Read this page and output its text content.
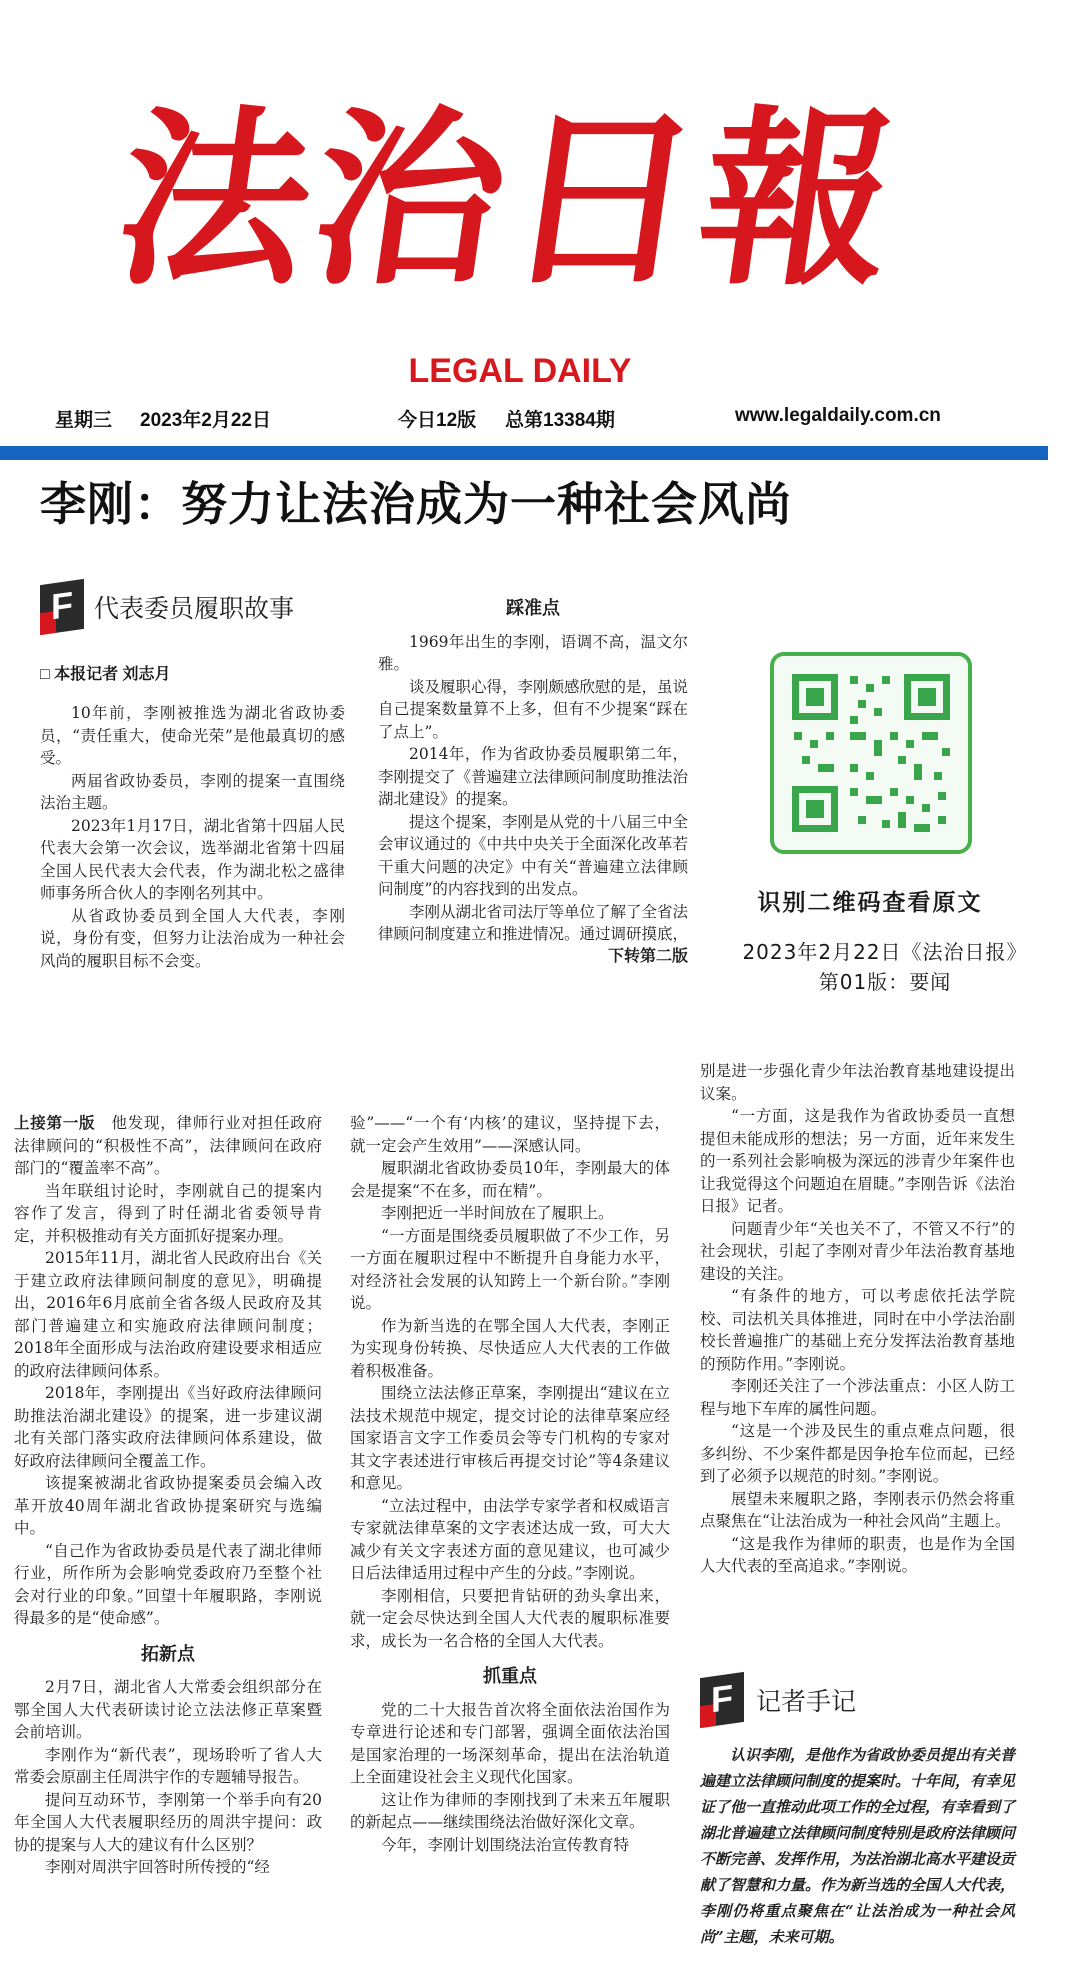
法治日報
LEGAL DAILY
星期三 2023年2月22日	今日12版 总第13384期	www.legaldaily.com.cn
李刚：努力让法治成为一种社会风尚
F 代表委员履职故事
□ 本报记者 刘志月

10年前，李刚被推选为湖北省政协委员，“责任重大，使命光荣”是他最真切的感受。

两届省政协委员，李刚的提案一直围绕法治主题。

2023年1月17日，湖北省第十四届人民代表大会第一次会议，选举湖北省第十四届全国人民代表大会代表，作为湖北松之盛律师事务所合伙人的李刚名列其中。

从省政协委员到全国人大代表，李刚说，身份有变，但努力让法治成为一种社会风尚的履职目标不会变。

踩准点

1969年出生的李刚，语调不高，温文尔雅。

谈及履职心得，李刚颇感欣慰的是，虽说自己提案数量算不上多，但有不少提案“踩在了点上”。

2014年，作为省政协委员履职第二年，李刚提交了《普遍建立法律顾问制度助推法治湖北建设》的提案。

提这个提案，李刚是从党的十八届三中全会审议通过的《中共中央关于全面深化改革若干重大问题的决定》中有关“普遍建立法律顾问制度”的内容找到的出发点。

李刚从湖北省司法厅等单位了解了全省法律顾问制度建立和推进情况。通过调研摸底，

下转第二版
识别二维码查看原文
2023年2月22日《法治日报》
第01版：要闻

上接第一版  他发现，律师行业对担任政府法律顾问的“积极性不高”，法律顾问在政府部门的“覆盖率不高”。

当年联组讨论时，李刚就自己的提案内容作了发言，得到了时任湖北省委领导肯定，并积极推动有关方面抓好提案办理。

2015年11月，湖北省人民政府出台《关于建立政府法律顾问制度的意见》，明确提出，2016年6月底前全省各级人民政府及其部门普遍建立和实施政府法律顾问制度；2018年全面形成与法治政府建设要求相适应的政府法律顾问体系。

2018年，李刚提出《当好政府法律顾问助推法治湖北建设》的提案，进一步建议湖北有关部门落实政府法律顾问体系建设，做好政府法律顾问全覆盖工作。

该提案被湖北省政协提案委员会编入改革开放40周年湖北省政协提案研究与选编中。

“自己作为省政协委员是代表了湖北律师行业，所作所为会影响党委政府乃至整个社会对行业的印象。”回望十年履职路，李刚说得最多的是“使命感”。

拓新点

2月7日，湖北省人大常委会组织部分在鄂全国人大代表研读讨论立法法修正草案暨会前培训。

李刚作为“新代表”，现场聆听了省人大常委会原副主任周洪宇作的专题辅导报告。

提问互动环节，李刚第一个举手向有20年全国人大代表履职经历的周洪宇提问：政协的提案与人大的建议有什么区别？

李刚对周洪宇回答时所传授的“经

验”——“一个有‘内核’的建议，坚持提下去，就一定会产生效用”——深感认同。

履职湖北省政协委员10年，李刚最大的体会是提案“不在多，而在精”。

李刚把近一半时间放在了履职上。

“一方面是围绕委员履职做了不少工作，另一方面在履职过程中不断提升自身能力水平，对经济社会发展的认知跨上一个新台阶。”李刚说。

作为新当选的在鄂全国人大代表，李刚正为实现身份转换、尽快适应人大代表的工作做着积极准备。

围绕立法法修正草案，李刚提出“建议在立法技术规范中规定，提交讨论的法律草案应经国家语言文字工作委员会等专门机构的专家对其文字表述进行审核后再提交讨论”等4条建议和意见。

“立法过程中，由法学专家学者和权威语言专家就法律草案的文字表述达成一致，可大大减少有关文字表述方面的意见建议，也可减少日后法律适用过程中产生的分歧。”李刚说。

李刚相信，只要把肯钻研的劲头拿出来，就一定会尽快达到全国人大代表的履职标准要求，成长为一名合格的全国人大代表。

抓重点

党的二十大报告首次将全面依法治国作为专章进行论述和专门部署，强调全面依法治国是国家治理的一场深刻革命，提出在法治轨道上全面建设社会主义现代化国家。

这让作为律师的李刚找到了未来五年履职的新起点——继续围绕法治做好深化文章。

今年，李刚计划围绕法治宣传教育特

别是进一步强化青少年法治教育基地建设提出议案。

“一方面，这是我作为省政协委员一直想提但未能成形的想法；另一方面，近年来发生的一系列社会影响极为深远的涉青少年案件也让我觉得这个问题迫在眉睫。”李刚告诉《法治日报》记者。

问题青少年“关也关不了，不管又不行”的社会现状，引起了李刚对青少年法治教育基地建设的关注。

“有条件的地方，可以考虑依托法学院校、司法机关具体推进，同时在中小学法治副校长普遍推广的基础上充分发挥法治教育基地的预防作用。”李刚说。

李刚还关注了一个涉法重点：小区人防工程与地下车库的属性问题。

“这是一个涉及民生的重点难点问题，很多纠纷、不少案件都是因争抢车位而起，已经到了必须予以规范的时刻。”李刚说。

展望未来履职之路，李刚表示仍然会将重点聚焦在“让法治成为一种社会风尚”主题上。

“这是我作为律师的职责，也是作为全国人大代表的至高追求。”李刚说。

F 记者手记

认识李刚，是他作为省政协委员提出有关普遍建立法律顾问制度的提案时。十年间，有幸见证了他一直推动此项工作的全过程，有幸看到了湖北普遍建立法律顾问制度特别是政府法律顾问不断完善、发挥作用，为法治湖北高水平建设贡献了智慧和力量。作为新当选的全国人大代表，李刚仍将重点聚焦在“让法治成为一种社会风尚”主题，未来可期。
